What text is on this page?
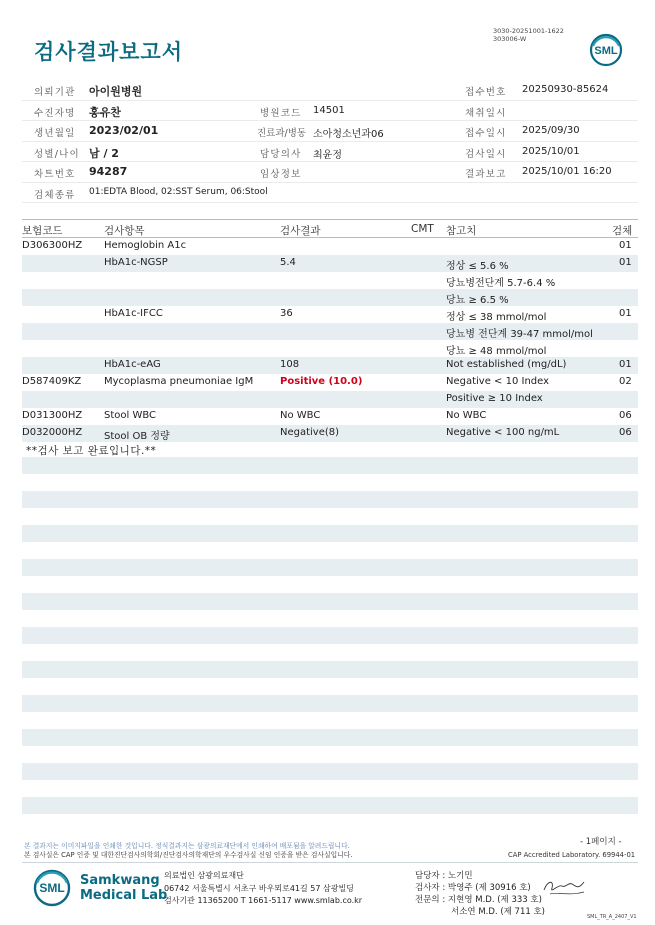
검사결과보고서
3030-20251001-1622
303006-W
SML
의뢰기관 아이원병원	접수번호 20250930-85624
수진자명 홍유찬	병원코드 14501	채취일시
생년월일 2023/02/01	진료과/병동 소아청소년과06	접수일시 2025/09/30
성별/나이 남 / 2	담당의사 최윤정	검사일시 2025/10/01
차트번호 94287	임상정보	결과보고 2025/10/01 16:20
검체종류 01:EDTA Blood, 02:SST Serum, 06:Stool
보험코드	검사항목	검사결과	CMT 참고치	검체
D306300HZ Hemoglobin A1c	01
HbA1c-NGSP	5.4	정상 ≤ 5.6 %	01
당뇨병전단계 5.7-6.4 %
당뇨 ≥ 6.5 %
HbA1c-IFCC	36	정상 ≤ 38 mmol/mol	01
당뇨병 전단계 39-47 mmol/mol
당뇨 ≥ 48 mmol/mol
HbA1c-eAG	108	Not established (mg/dL)	01
D587409KZ Mycoplasma pneumoniae IgM	Positive (10.0)	Negative < 10 Index	02
Positive ≥ 10 Index
D031300HZ Stool WBC	No WBC	No WBC	06
D032000HZ Stool OB 정량	Negative(8)	Negative < 100 ng/mL	06
**검사 보고 완료입니다.**
- 1페이지 -
본 결과지는 이미지파일을 인쇄한 것입니다. 정식결과지는 삼광의료재단에서 인쇄하여 배포됨을 알려드립니다.
본 검사실은 CAP 인증 및 대한진단검사의학회/진단검사의학재단의 우수검사실 신임 인증을 받은 검사실입니다.	CAP Accredited Laboratory. 69944-01
SML Samkwang
Medical Lab
의료법인 삼광의료재단
06742 서울특별시 서초구 바우뫼로41길 57 삼광빌딩
검사기관 11365200 T 1661-5117 www.smlab.co.kr
담당자 : 노기민
검사자 : 박영주 (제 30916 호)
전문의 : 지현영 M.D. (제 333 호)
서소연 M.D. (제 711 호)	SML_TR_A_2407_V1
